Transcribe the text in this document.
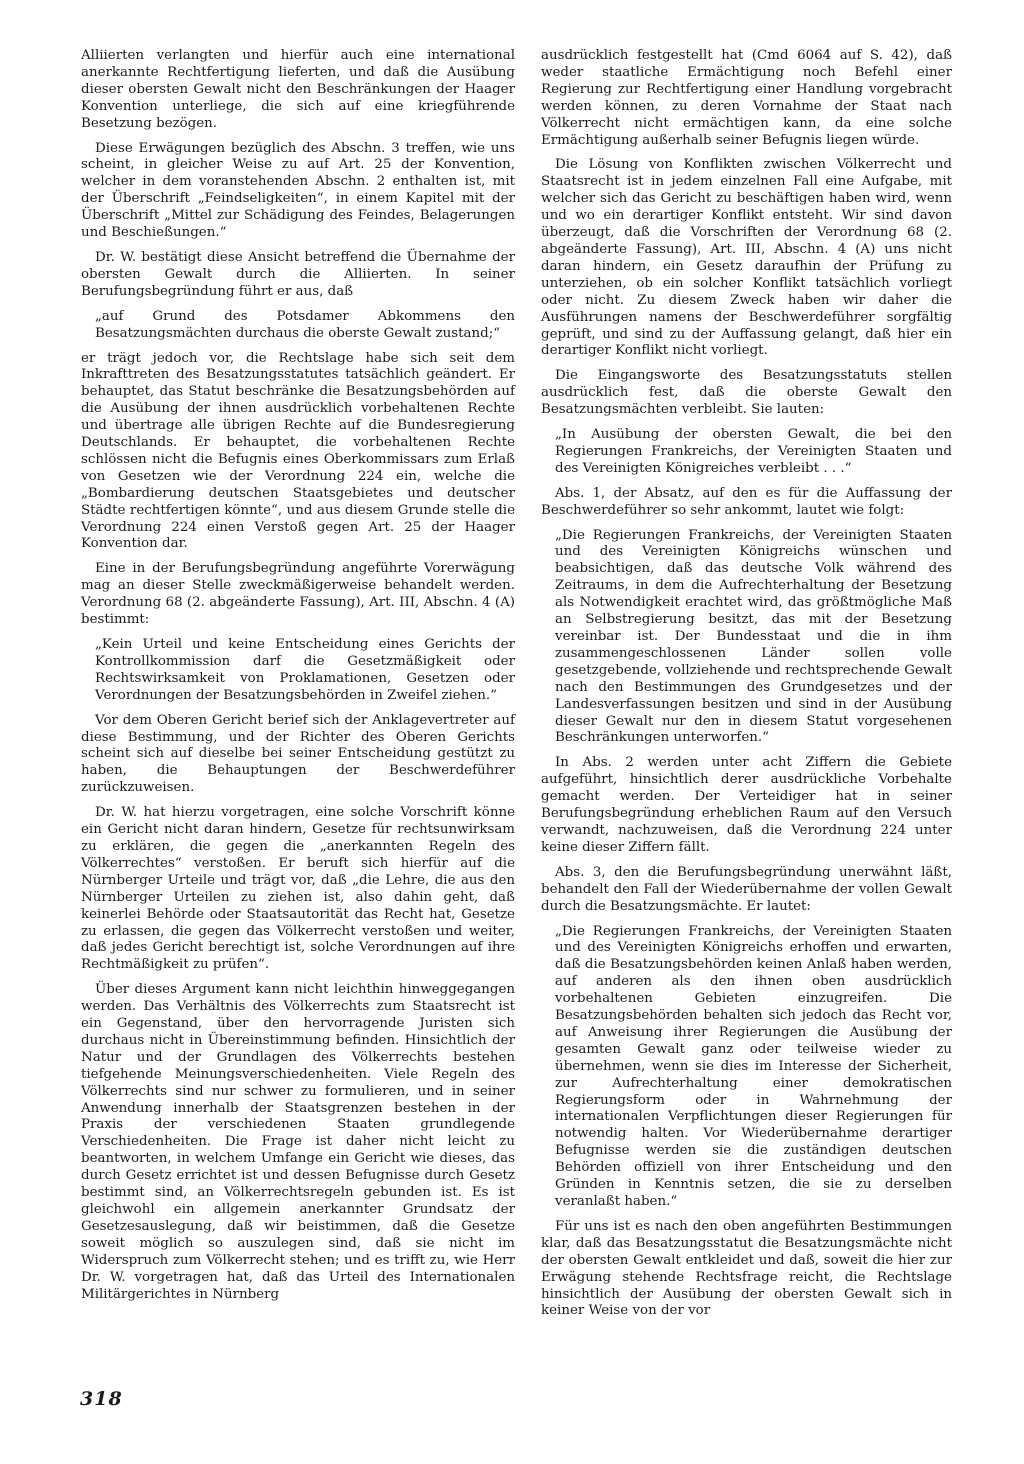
Alliierten verlangten und hierfür auch eine international anerkannte Rechtfertigung lieferten, und daß die Ausübung dieser obersten Gewalt nicht den Beschränkungen der Haager Konvention unterliege, die sich auf eine kriegführende Besetzung bezögen.

Diese Erwägungen bezüglich des Abschn. 3 treffen, wie uns scheint, in gleicher Weise zu auf Art. 25 der Konvention, welcher in dem voranstehenden Abschn. 2 enthalten ist, mit der Überschrift „Feindseligkeiten“, in einem Kapitel mit der Überschrift „Mittel zur Schädigung des Feindes, Belagerungen und Beschießungen.“

Dr. W. bestätigt diese Ansicht betreffend die Übernahme der obersten Gewalt durch die Alliierten. In seiner Berufungsbegründung führt er aus, daß

„auf Grund des Potsdamer Abkommens den Besatzungsmächten durchaus die oberste Gewalt zustand;“

er trägt jedoch vor, die Rechtslage habe sich seit dem Inkrafttreten des Besatzungsstatutes tatsächlich geändert. Er behauptet, das Statut beschränke die Besatzungsbehörden auf die Ausübung der ihnen ausdrücklich vorbehaltenen Rechte und übertrage alle übrigen Rechte auf die Bundesregierung Deutschlands. Er behauptet, die vorbehaltenen Rechte schlössen nicht die Befugnis eines Oberkommissars zum Erlaß von Gesetzen wie der Verordnung 224 ein, welche die „Bombardierung deutschen Staatsgebietes und deutscher Städte rechtfertigen könnte“, und aus diesem Grunde stelle die Verordnung 224 einen Verstoß gegen Art. 25 der Haager Konvention dar.

Eine in der Berufungsbegründung angeführte Vorerwägung mag an dieser Stelle zweckmäßigerweise behandelt werden. Verordnung 68 (2. abgeänderte Fassung), Art. III, Abschn. 4 (A) bestimmt:

„Kein Urteil und keine Entscheidung eines Gerichts der Kontrollkommission darf die Gesetzmäßigkeit oder Rechtswirksamkeit von Proklamationen, Gesetzen oder Verordnungen der Besatzungsbehörden in Zweifel ziehen.“

Vor dem Oberen Gericht berief sich der Anklagevertreter auf diese Bestimmung, und der Richter des Oberen Gerichts scheint sich auf dieselbe bei seiner Entscheidung gestützt zu haben, die Behauptungen der Beschwerdeführer zurückzuweisen.

Dr. W. hat hierzu vorgetragen, eine solche Vorschrift könne ein Gericht nicht daran hindern, Gesetze für rechtsunwirksam zu erklären, die gegen die „anerkannten Regeln des Völkerrechtes“ verstoßen. Er beruft sich hierfür auf die Nürnberger Urteile und trägt vor, daß „die Lehre, die aus den Nürnberger Urteilen zu ziehen ist, also dahin geht, daß keinerlei Behörde oder Staatsautorität das Recht hat, Gesetze zu erlassen, die gegen das Völkerrecht verstoßen und weiter, daß jedes Gericht berechtigt ist, solche Verordnungen auf ihre Rechtmäßigkeit zu prüfen“.

Über dieses Argument kann nicht leichthin hinweggegangen werden. Das Verhältnis des Völkerrechts zum Staatsrecht ist ein Gegenstand, über den hervorragende Juristen sich durchaus nicht in Übereinstimmung befinden. Hinsichtlich der Natur und der Grundlagen des Völkerrechts bestehen tiefgehende Meinungsverschiedenheiten. Viele Regeln des Völkerrechts sind nur schwer zu formulieren, und in seiner Anwendung innerhalb der Staatsgrenzen bestehen in der Praxis der verschiedenen Staaten grundlegende Verschiedenheiten. Die Frage ist daher nicht leicht zu beantworten, in welchem Umfange ein Gericht wie dieses, das durch Gesetz errichtet ist und dessen Befugnisse durch Gesetz bestimmt sind, an Völkerrechtsregeln gebunden ist. Es ist gleichwohl ein allgemein anerkannter Grundsatz der Gesetzesauslegung, daß wir beistimmen, daß die Gesetze soweit möglich so auszulegen sind, daß sie nicht im Widerspruch zum Völkerrecht stehen; und es trifft zu, wie Herr Dr. W. vorgetragen hat, daß das Urteil des Internationalen Militärgerichtes in Nürnberg

ausdrücklich festgestellt hat (Cmd 6064 auf S. 42), daß weder staatliche Ermächtigung noch Befehl einer Regierung zur Rechtfertigung einer Handlung vorgebracht werden können, zu deren Vornahme der Staat nach Völkerrecht nicht ermächtigen kann, da eine solche Ermächtigung außerhalb seiner Befugnis liegen würde.

Die Lösung von Konflikten zwischen Völkerrecht und Staatsrecht ist in jedem einzelnen Fall eine Aufgabe, mit welcher sich das Gericht zu beschäftigen haben wird, wenn und wo ein derartiger Konflikt entsteht. Wir sind davon überzeugt, daß die Vorschriften der Verordnung 68 (2. abgeänderte Fassung), Art. III, Abschn. 4 (A) uns nicht daran hindern, ein Gesetz daraufhin der Prüfung zu unterziehen, ob ein solcher Konflikt tatsächlich vorliegt oder nicht. Zu diesem Zweck haben wir daher die Ausführungen namens der Beschwerdeführer sorgfältig geprüft, und sind zu der Auffassung gelangt, daß hier ein derartiger Konflikt nicht vorliegt.

Die Eingangsworte des Besatzungsstatuts stellen ausdrücklich fest, daß die oberste Gewalt den Besatzungsmächten verbleibt. Sie lauten:

„In Ausübung der obersten Gewalt, die bei den Regierungen Frankreichs, der Vereinigten Staaten und des Vereinigten Königreiches verbleibt . . .“

Abs. 1, der Absatz, auf den es für die Auffassung der Beschwerdeführer so sehr ankommt, lautet wie folgt:

„Die Regierungen Frankreichs, der Vereinigten Staaten und des Vereinigten Königreichs wünschen und beabsichtigen, daß das deutsche Volk während des Zeitraums, in dem die Aufrechterhaltung der Besetzung als Notwendigkeit erachtet wird, das größtmögliche Maß an Selbstregierung besitzt, das mit der Besetzung vereinbar ist. Der Bundesstaat und die in ihm zusammengeschlossenen Länder sollen volle gesetzgebende, vollziehende und rechtsprechende Gewalt nach den Bestimmungen des Grundgesetzes und der Landesverfassungen besitzen und sind in der Ausübung dieser Gewalt nur den in diesem Statut vorgesehenen Beschränkungen unterworfen.“

In Abs. 2 werden unter acht Ziffern die Gebiete aufgeführt, hinsichtlich derer ausdrückliche Vorbehalte gemacht werden. Der Verteidiger hat in seiner Berufungsbegründung erheblichen Raum auf den Versuch verwandt, nachzuweisen, daß die Verordnung 224 unter keine dieser Ziffern fällt.

Abs. 3, den die Berufungsbegründung unerwähnt läßt, behandelt den Fall der Wiederübernahme der vollen Gewalt durch die Besatzungsmächte. Er lautet:

„Die Regierungen Frankreichs, der Vereinigten Staaten und des Vereinigten Königreichs erhoffen und erwarten, daß die Besatzungsbehörden keinen Anlaß haben werden, auf anderen als den ihnen oben ausdrücklich vorbehaltenen Gebieten einzugreifen. Die Besatzungsbehörden behalten sich jedoch das Recht vor, auf Anweisung ihrer Regierungen die Ausübung der gesamten Gewalt ganz oder teilweise wieder zu übernehmen, wenn sie dies im Interesse der Sicherheit, zur Aufrechterhaltung einer demokratischen Regierungsform oder in Wahrnehmung der internationalen Verpflichtungen dieser Regierungen für notwendig halten. Vor Wiederübernahme derartiger Befugnisse werden sie die zuständigen deutschen Behörden offiziell von ihrer Entscheidung und den Gründen in Kenntnis setzen, die sie zu derselben veranlaßt haben.“

Für uns ist es nach den oben angeführten Bestimmungen klar, daß das Besatzungsstatut die Besatzungsmächte nicht der obersten Gewalt entkleidet und daß, soweit die hier zur Erwägung stehende Rechtsfrage reicht, die Rechtslage hinsichtlich der Ausübung der obersten Gewalt sich in keiner Weise von der vor

318
